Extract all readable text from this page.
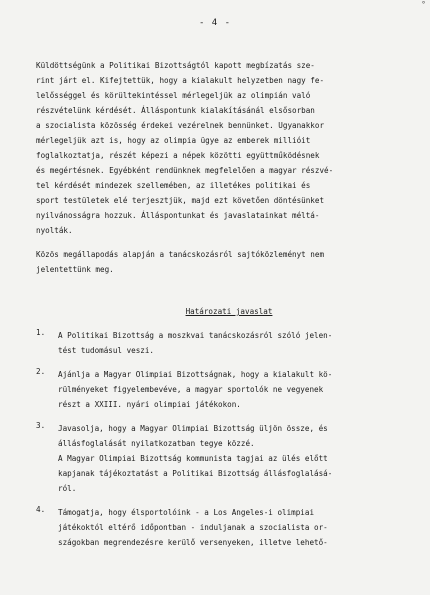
- 4 -
°
Küldöttségünk a Politikai Bizottságtól kapott megbízatás sze-
rint járt el. Kifejtettük, hogy a kialakult helyzetben nagy fe-
lelősséggel és körültekintéssel mérlegeljük az olimpián való
részvételünk kérdését. Álláspontunk kialakításánál elsősorban
a szocialista közösség érdekei vezérelnek bennünket. Ugyanakkor
mérlegeljük azt is, hogy az olimpia ügye az emberek millióit
foglalkoztatja, részét képezi a népek közötti együttműködésnek
és megértésnek. Egyébként rendünknek megfelelően a magyar részvé-
tel kérdését mindezek szellemében, az illetékes politikai és
sport testületek elé terjesztjük, majd ezt követően döntésünket
nyilvánosságra hozzuk. Álláspontunkat és javaslatainkat méltá-
nyolták.
Közös megállapodás alapján a tanácskozásról sajtóközleményt nem
jelentettünk meg.
Határozati javaslat
1.	A Politikai Bizottság a moszkvai tanácskozásról szóló jelen-
tést tudomásul veszi.
2.	Ajánlja a Magyar Olimpiai Bizottságnak, hogy a kialakult kö-
rülményeket figyelembevéve, a magyar sportolók ne vegyenek
részt a XXIII. nyári olimpiai játékokon.
3.	Javasolja, hogy a Magyar Olimpiai Bizottság üljön össze, és
állásfoglalását nyilatkozatban tegye közzé.
A Magyar Olimpiai Bizottság kommunista tagjai az ülés előtt
kapjanak tájékoztatást a Politikai Bizottság állásfoglalásá-
ról.
4.	Támogatja, hogy élsportolóink - a Los Angeles-i olimpiai
játékoktól eltérő időpontban - induljanak a szocialista or-
szágokban megrendezésre kerülő versenyeken, illetve lehető-
